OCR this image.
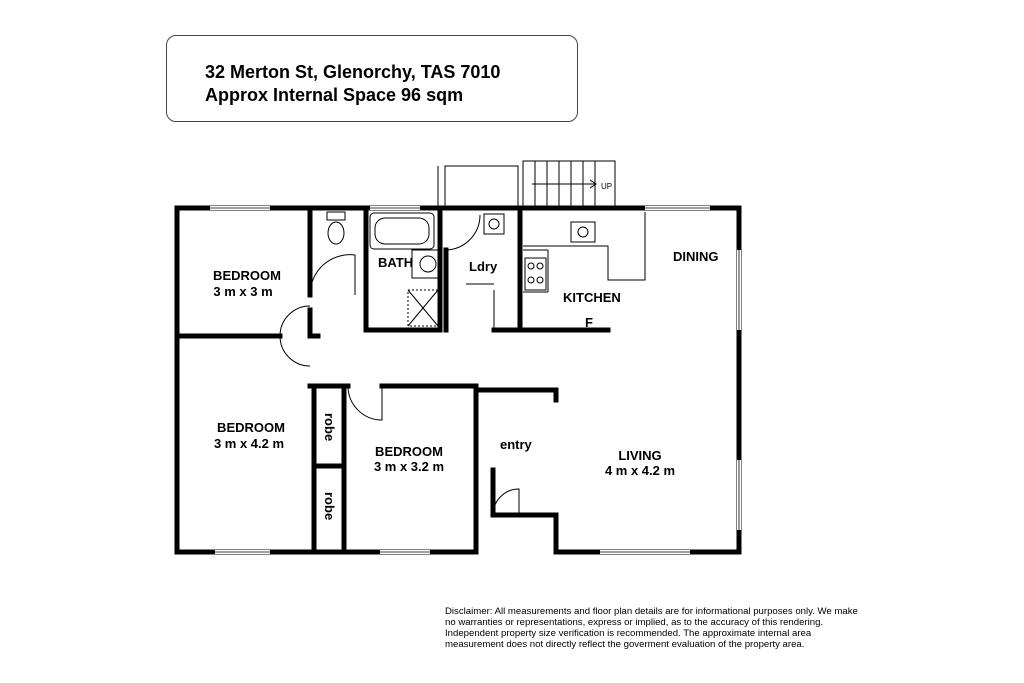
32 Merton St, Glenorchy, TAS 7010
Approx Internal Space 96 sqm
BEDROOM
3 m x 3 m
BEDROOM
3 m x 4.2 m
BEDROOM
3 m x 3.2 m
BATH	Ldry
KITCHEN
DINING
entry
LIVING
4 m x 4.2 m
robe
robe
F
UP
Disclaimer: All measurements and floor plan details are for informational purposes only. We make no warranties or representations, express or implied, as to the accuracy of this rendering. Independent property size verification is recommended. The approximate internal area measurement does not directly reflect the goverment evaluation of the property area.
